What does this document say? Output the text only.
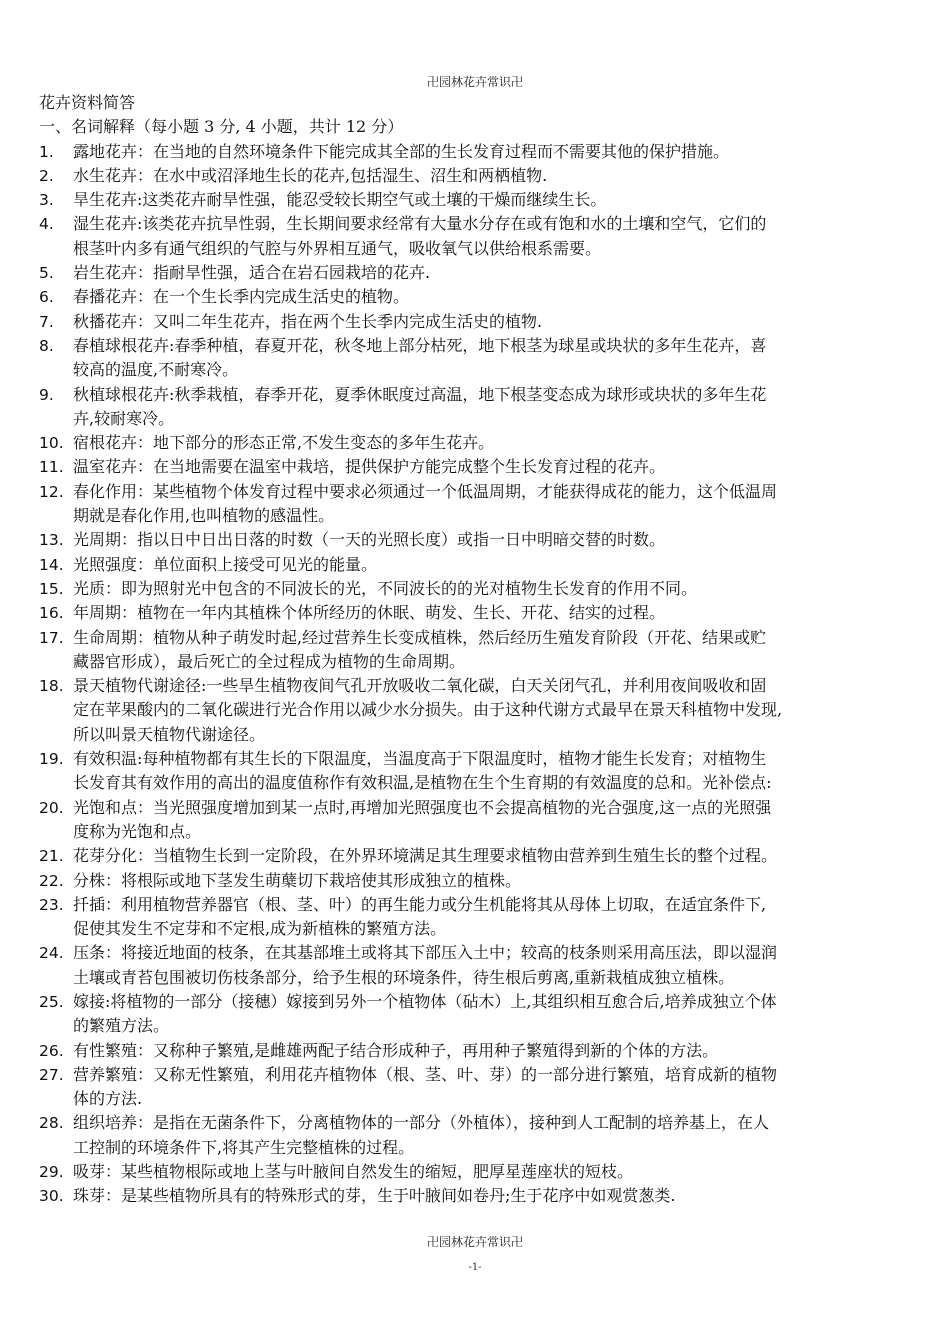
卍园林花卉常识卍
花卉资料简答
一、名词解释（每小题 3 分, 4 小题，共计 12 分）
1. 露地花卉：在当地的自然环境条件下能完成其全部的生长发育过程而不需要其他的保护措施。
2. 水生花卉：在水中或沼泽地生长的花卉,包括湿生、沼生和两栖植物.
3. 旱生花卉:这类花卉耐旱性强，能忍受较长期空气或土壤的干燥而继续生长。
4. 湿生花卉:该类花卉抗旱性弱，生长期间要求经常有大量水分存在或有饱和水的土壤和空气，它们的
根茎叶内多有通气组织的气腔与外界相互通气，吸收氧气以供给根系需要。
5. 岩生花卉：指耐旱性强，适合在岩石园栽培的花卉.
6. 春播花卉：在一个生长季内完成生活史的植物。
7. 秋播花卉：又叫二年生花卉，指在两个生长季内完成生活史的植物.
8. 春植球根花卉:春季种植，春夏开花，秋冬地上部分枯死，地下根茎为球星或块状的多年生花卉，喜
较高的温度,不耐寒冷。
9. 秋植球根花卉:秋季栽植，春季开花，夏季休眠度过高温，地下根茎变态成为球形或块状的多年生花
卉,较耐寒冷。
10. 宿根花卉：地下部分的形态正常,不发生变态的多年生花卉。
11. 温室花卉：在当地需要在温室中栽培，提供保护方能完成整个生长发育过程的花卉。
12. 春化作用：某些植物个体发育过程中要求必须通过一个低温周期，才能获得成花的能力，这个低温周
期就是春化作用,也叫植物的感温性。
13. 光周期：指以日中日出日落的时数（一天的光照长度）或指一日中明暗交替的时数。
14. 光照强度：单位面积上接受可见光的能量。
15. 光质：即为照射光中包含的不同波长的光，不同波长的的光对植物生长发育的作用不同。
16. 年周期：植物在一年内其植株个体所经历的休眠、萌发、生长、开花、结实的过程。
17. 生命周期：植物从种子萌发时起,经过营养生长变成植株，然后经历生殖发育阶段（开花、结果或贮
藏器官形成），最后死亡的全过程成为植物的生命周期。
18. 景天植物代谢途径:一些旱生植物夜间气孔开放吸收二氧化碳，白天关闭气孔，并利用夜间吸收和固
定在苹果酸内的二氧化碳进行光合作用以减少水分损失。由于这种代谢方式最早在景天科植物中发现,
所以叫景天植物代谢途径。
19. 有效积温:每种植物都有其生长的下限温度，当温度高于下限温度时，植物才能生长发育；对植物生
长发育其有效作用的高出的温度值称作有效积温,是植物在生个生育期的有效温度的总和。光补偿点:
20. 光饱和点：当光照强度增加到某一点时,再增加光照强度也不会提高植物的光合强度,这一点的光照强
度称为光饱和点。
21. 花芽分化：当植物生长到一定阶段，在外界环境满足其生理要求植物由营养到生殖生长的整个过程。
22. 分株：将根际或地下茎发生萌蘖切下栽培使其形成独立的植株。
23. 扦插：利用植物营养器官（根、茎、叶）的再生能力或分生机能将其从母体上切取，在适宜条件下,
促使其发生不定芽和不定根,成为新植株的繁殖方法。
24. 压条：将接近地面的枝条，在其基部堆土或将其下部压入土中；较高的枝条则采用高压法，即以湿润
土壤或青苔包围被切伤枝条部分，给予生根的环境条件，待生根后剪离,重新栽植成独立植株。
25. 嫁接:将植物的一部分（接穗）嫁接到另外一个植物体（砧木）上,其组织相互愈合后,培养成独立个体
的繁殖方法。
26. 有性繁殖：又称种子繁殖,是雌雄两配子结合形成种子，再用种子繁殖得到新的个体的方法。
27. 营养繁殖：又称无性繁殖，利用花卉植物体（根、茎、叶、芽）的一部分进行繁殖，培育成新的植物
体的方法.
28. 组织培养：是指在无菌条件下，分离植物体的一部分（外植体），接种到人工配制的培养基上，在人
工控制的环境条件下,将其产生完整植株的过程。
29. 吸芽：某些植物根际或地上茎与叶腋间自然发生的缩短，肥厚星莲座状的短枝。
30. 珠芽：是某些植物所具有的特殊形式的芽，生于叶腋间如卷丹;生于花序中如观赏葱类.
卍园林花卉常识卍
-1-
